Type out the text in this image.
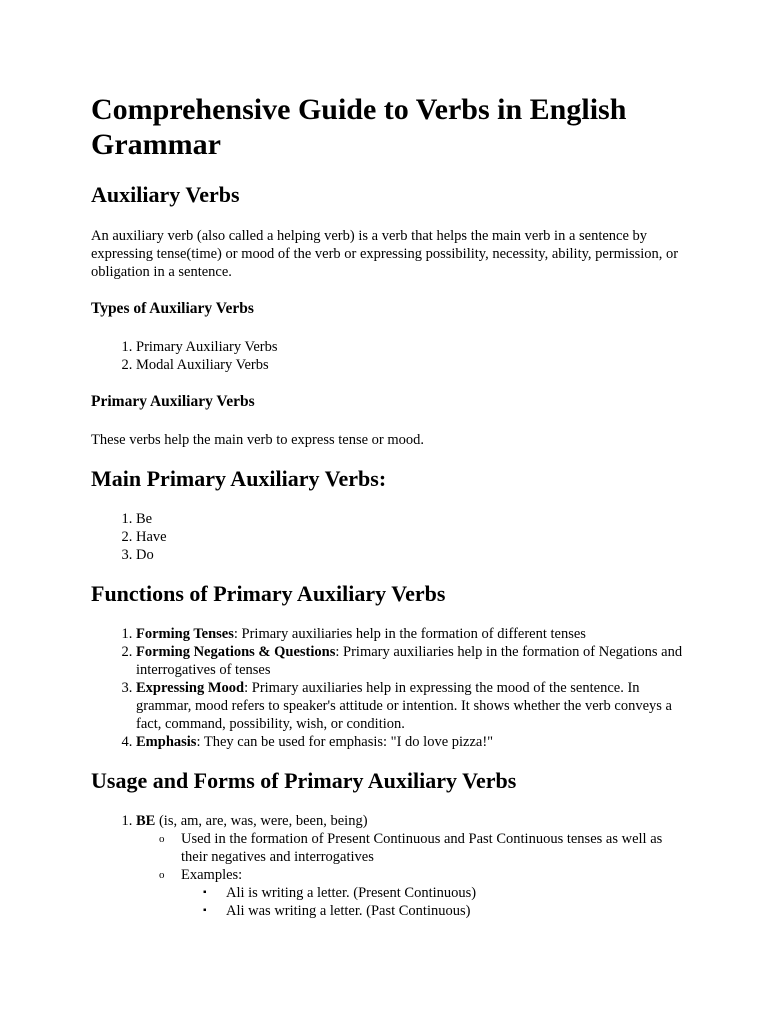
Comprehensive Guide to Verbs in English Grammar
Auxiliary Verbs

An auxiliary verb (also called a helping verb) is a verb that helps the main verb in a sentence by expressing tense(time) or mood of the verb or expressing possibility, necessity, ability, permission, or obligation in a sentence.

Types of Auxiliary Verbs
1. Primary Auxiliary Verbs
2. Modal Auxiliary Verbs
Primary Auxiliary Verbs

These verbs help the main verb to express tense or mood.

Main Primary Auxiliary Verbs:
1. Be
2. Have
3. Do
Functions of Primary Auxiliary Verbs
1. Forming Tenses: Primary auxiliaries help in the formation of different tenses
2. Forming Negations & Questions: Primary auxiliaries help in the formation of Negations and interrogatives of tenses
3. Expressing Mood: Primary auxiliaries help in expressing the mood of the sentence. In grammar, mood refers to speaker's attitude or intention. It shows whether the verb conveys a fact, command, possibility, wish, or condition.
4. Emphasis: They can be used for emphasis: "I do love pizza!"
Usage and Forms of Primary Auxiliary Verbs
1. BE (is, am, are, was, were, been, being)
o Used in the formation of Present Continuous and Past Continuous tenses as well as their negatives and interrogatives
o Examples:
▪ Ali is writing a letter. (Present Continuous)
▪ Ali was writing a letter. (Past Continuous)
